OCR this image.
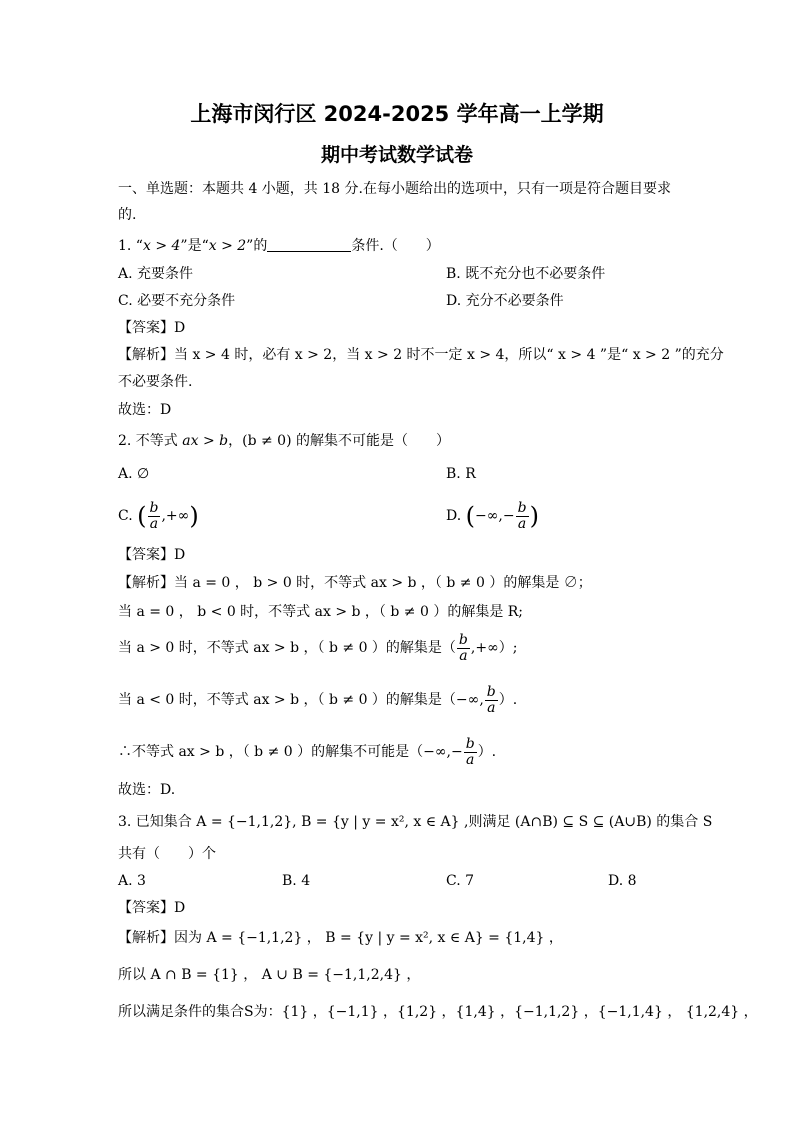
上海市闵行区 2024-2025 学年高一上学期
期中考试数学试卷
一、单选题：本题共 4 小题，共 18 分.在每小题给出的选项中，只有一项是符合题目要求
的.
1. “x > 4”是“x > 2”的	条件.（　　）
A. 充要条件	B. 既不充分也不必要条件
C. 必要不充分条件	D. 充分不必要条件
【答案】D
【解析】当 x > 4 时，必有 x > 2，当 x > 2 时不一定 x > 4，所以“ x > 4 ”是“ x > 2 ”的充分
不必要条件.
故选：D
2. 不等式 ax > b，(b ≠ 0) 的解集不可能是（　　）
A. ∅	B. R
C. ( $\frac{b}{a}$ ,+∞)	D. (−∞,− $\frac{b}{a}$ )
【答案】D
【解析】当 a = 0 ， b > 0 时，不等式 ax > b ，（ b ≠ 0 ）的解集是 ∅；
当 a = 0 ， b < 0 时，不等式 ax > b ，（ b ≠ 0 ）的解集是 R;
当 a > 0 时，不等式 ax > b ，（ b ≠ 0 ）的解集是（ $\frac{b}{a}$ ,+∞）;
当 a < 0 时，不等式 ax > b ，（ b ≠ 0 ）的解集是（−∞, $\frac{b}{a}$ ）.
∴不等式 ax > b ，（ b ≠ 0 ）的解集不可能是（−∞,− $\frac{b}{a}$ ）.
故选：D.
3. 已知集合 A = {−1,1,2}, B = {y | y = x², x ∈ A} ,则满足 (A∩B) ⊆ S ⊆ (A∪B) 的集合 S
共有（　　）个
A. 3	B. 4	C. 7	D. 8
【答案】D
【解析】因为 A = {−1,1,2} ， B = {y | y = x², x ∈ A} = {1,4} ，
所以 A ∩ B = {1} ， A ∪ B = {−1,1,2,4} ，
所以满足条件的集合S为：{1} ，{−1,1} ，{1,2} ，{1,4} ，{−1,1,2} ，{−1,1,4} ， {1,2,4} ，
